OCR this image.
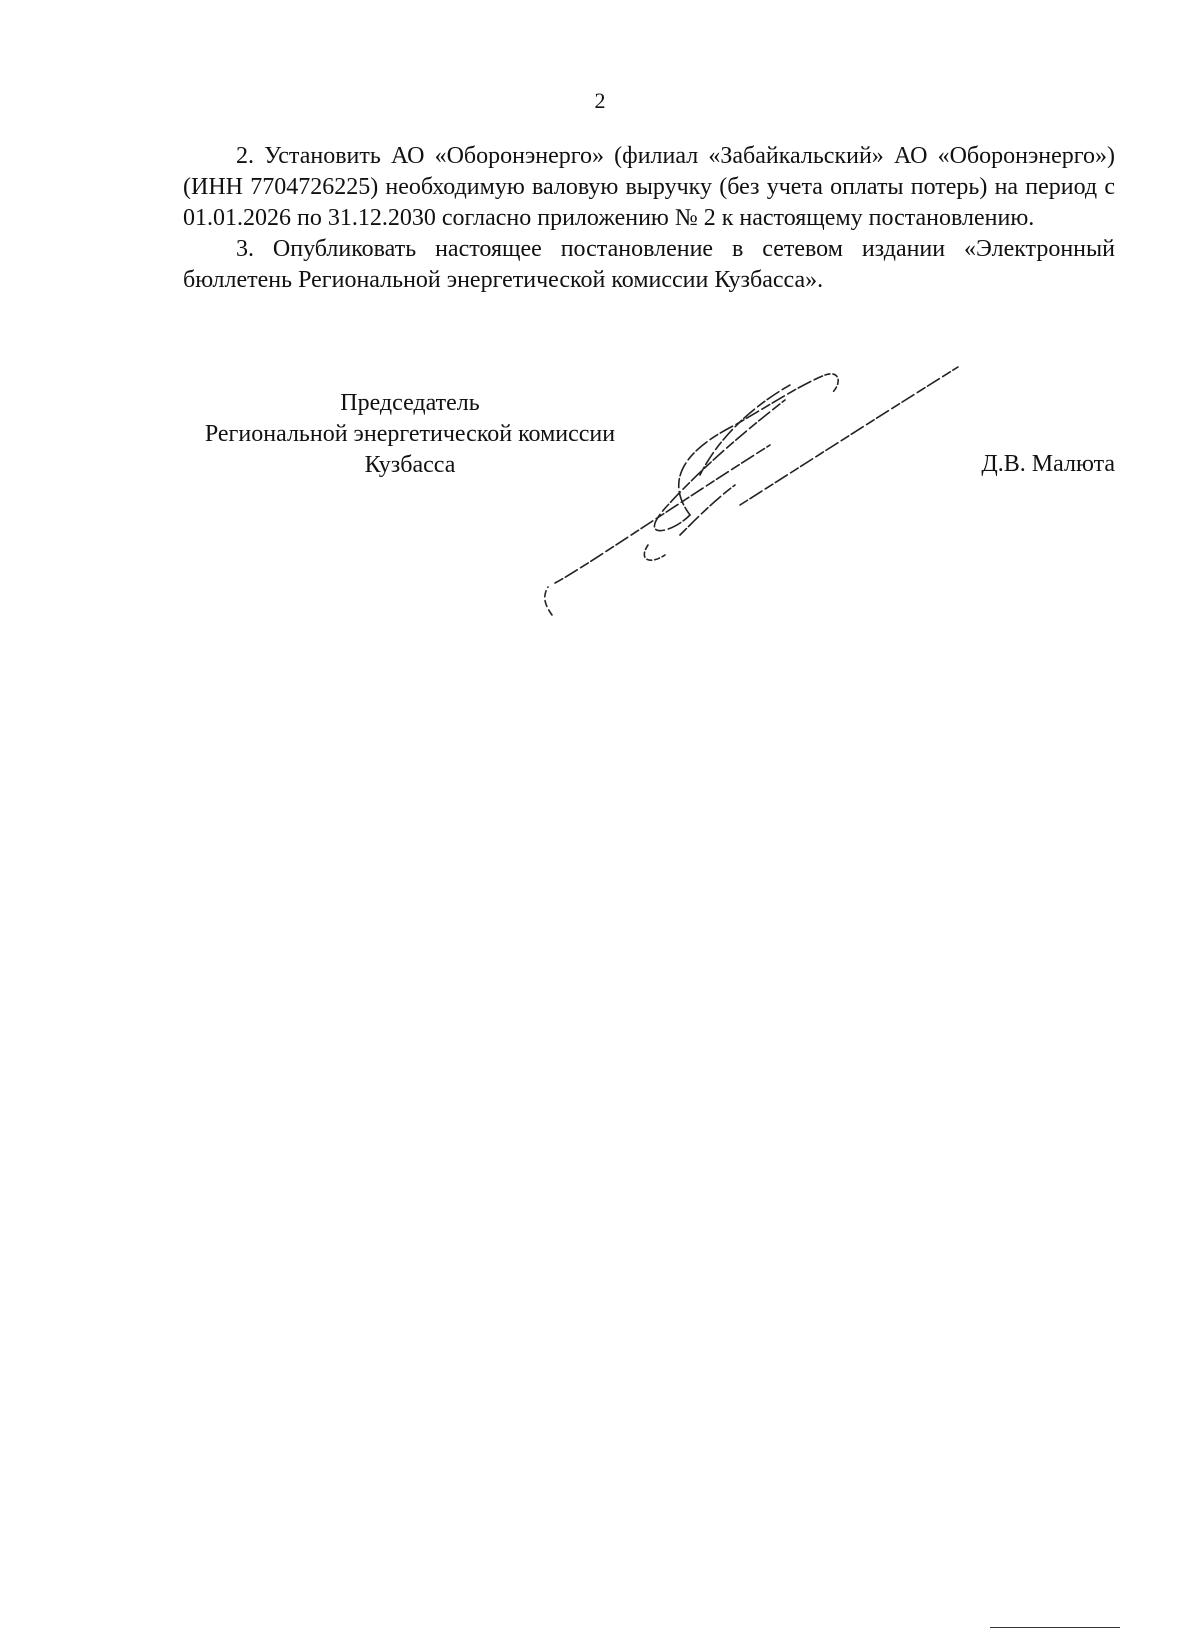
2

2. Установить АО «Оборонэнерго» (филиал «Забайкальский» АО «Оборонэнерго») (ИНН 7704726225) необходимую валовую выручку (без учета оплаты потерь) на период с 01.01.2026 по 31.12.2030 согласно приложению № 2 к настоящему постановлению.

3. Опубликовать настоящее постановление в сетевом издании «Электронный бюллетень Региональной энергетической комиссии Кузбасса».

Председатель
Региональной энергетической комиссии
Кузбасса	Д.В. Малюта
